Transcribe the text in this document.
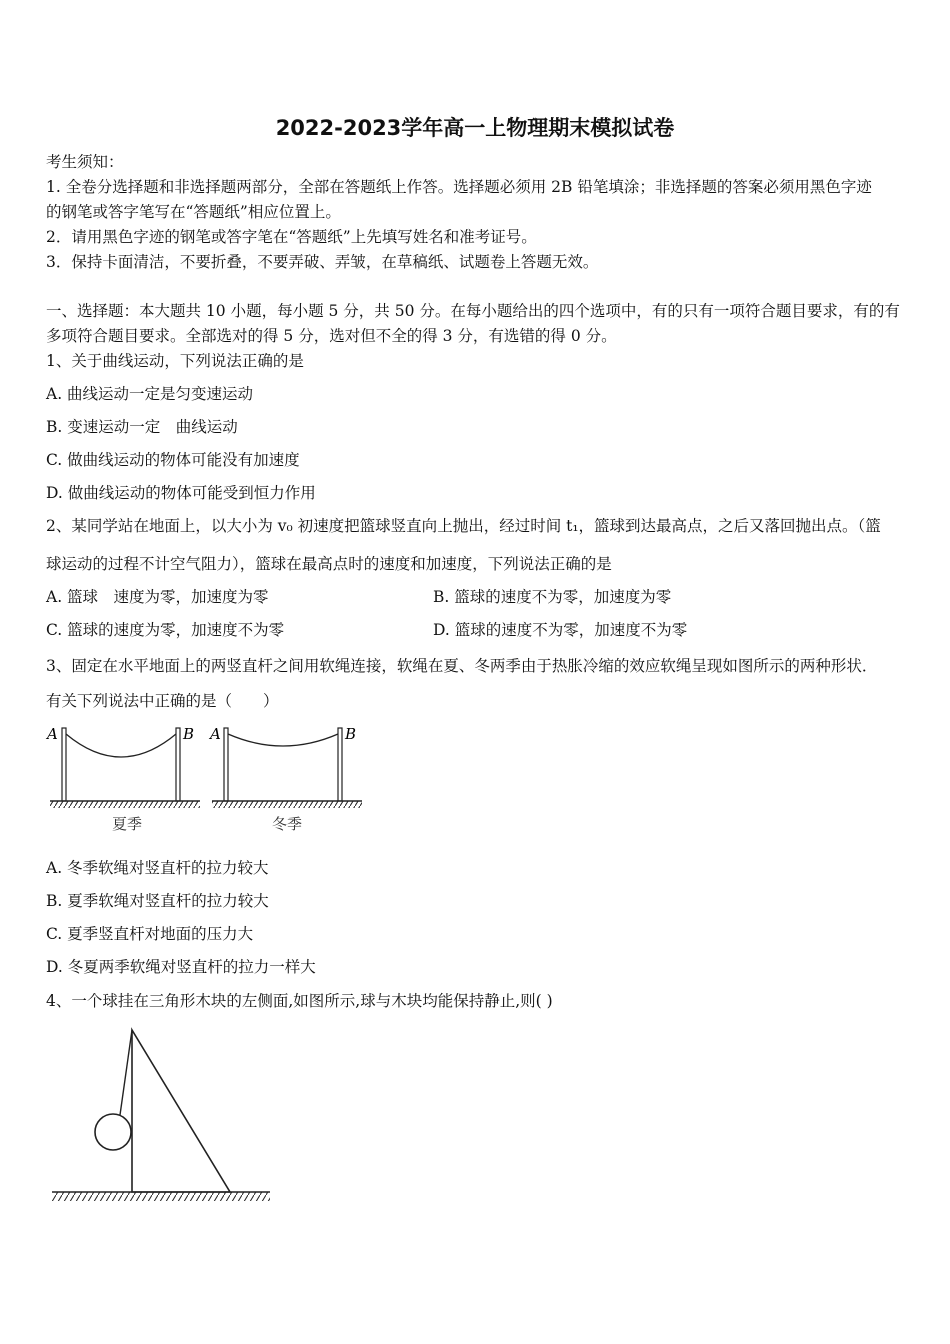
2022-2023学年高一上物理期末模拟试卷
考生须知：
1. 全卷分选择题和非选择题两部分，全部在答题纸上作答。选择题必须用 2B 铅笔填涂；非选择题的答案必须用黑色字迹
的钢笔或答字笔写在“答题纸”相应位置上。
2．请用黑色字迹的钢笔或答字笔在“答题纸”上先填写姓名和准考证号。
3．保持卡面清洁，不要折叠，不要弄破、弄皱，在草稿纸、试题卷上答题无效。
一、选择题：本大题共 10 小题，每小题 5 分，共 50 分。在每小题给出的四个选项中，有的只有一项符合题目要求，有的有
多项符合题目要求。全部选对的得 5 分，选对但不全的得 3 分，有选错的得 0 分。
1、关于曲线运动，下列说法正确的是
A. 曲线运动一定是匀变速运动
B. 变速运动一定　曲线运动
C. 做曲线运动的物体可能没有加速度
D. 做曲线运动的物体可能受到恒力作用
2、某同学站在地面上，以大小为 v₀ 初速度把篮球竖直向上抛出，经过时间 t₁，篮球到达最高点，之后又落回抛出点。（篮
球运动的过程不计空气阻力），篮球在最高点时的速度和加速度，下列说法正确的是
A. 篮球　速度为零，加速度为零	B. 篮球的速度不为零，加速度为零
C. 篮球的速度为零，加速度不为零	D. 篮球的速度不为零，加速度不为零
3、固定在水平地面上的两竖直杆之间用软绳连接，软绳在夏、冬两季由于热胀冷缩的效应软绳呈现如图所示的两种形状．
有关下列说法中正确的是（　　）
A	B
夏季
A	B
冬季
A. 冬季软绳对竖直杆的拉力较大
B. 夏季软绳对竖直杆的拉力较大
C. 夏季竖直杆对地面的压力大
D. 冬夏两季软绳对竖直杆的拉力一样大
4、一个球挂在三角形木块的左侧面,如图所示,球与木块均能保持静止,则( )
